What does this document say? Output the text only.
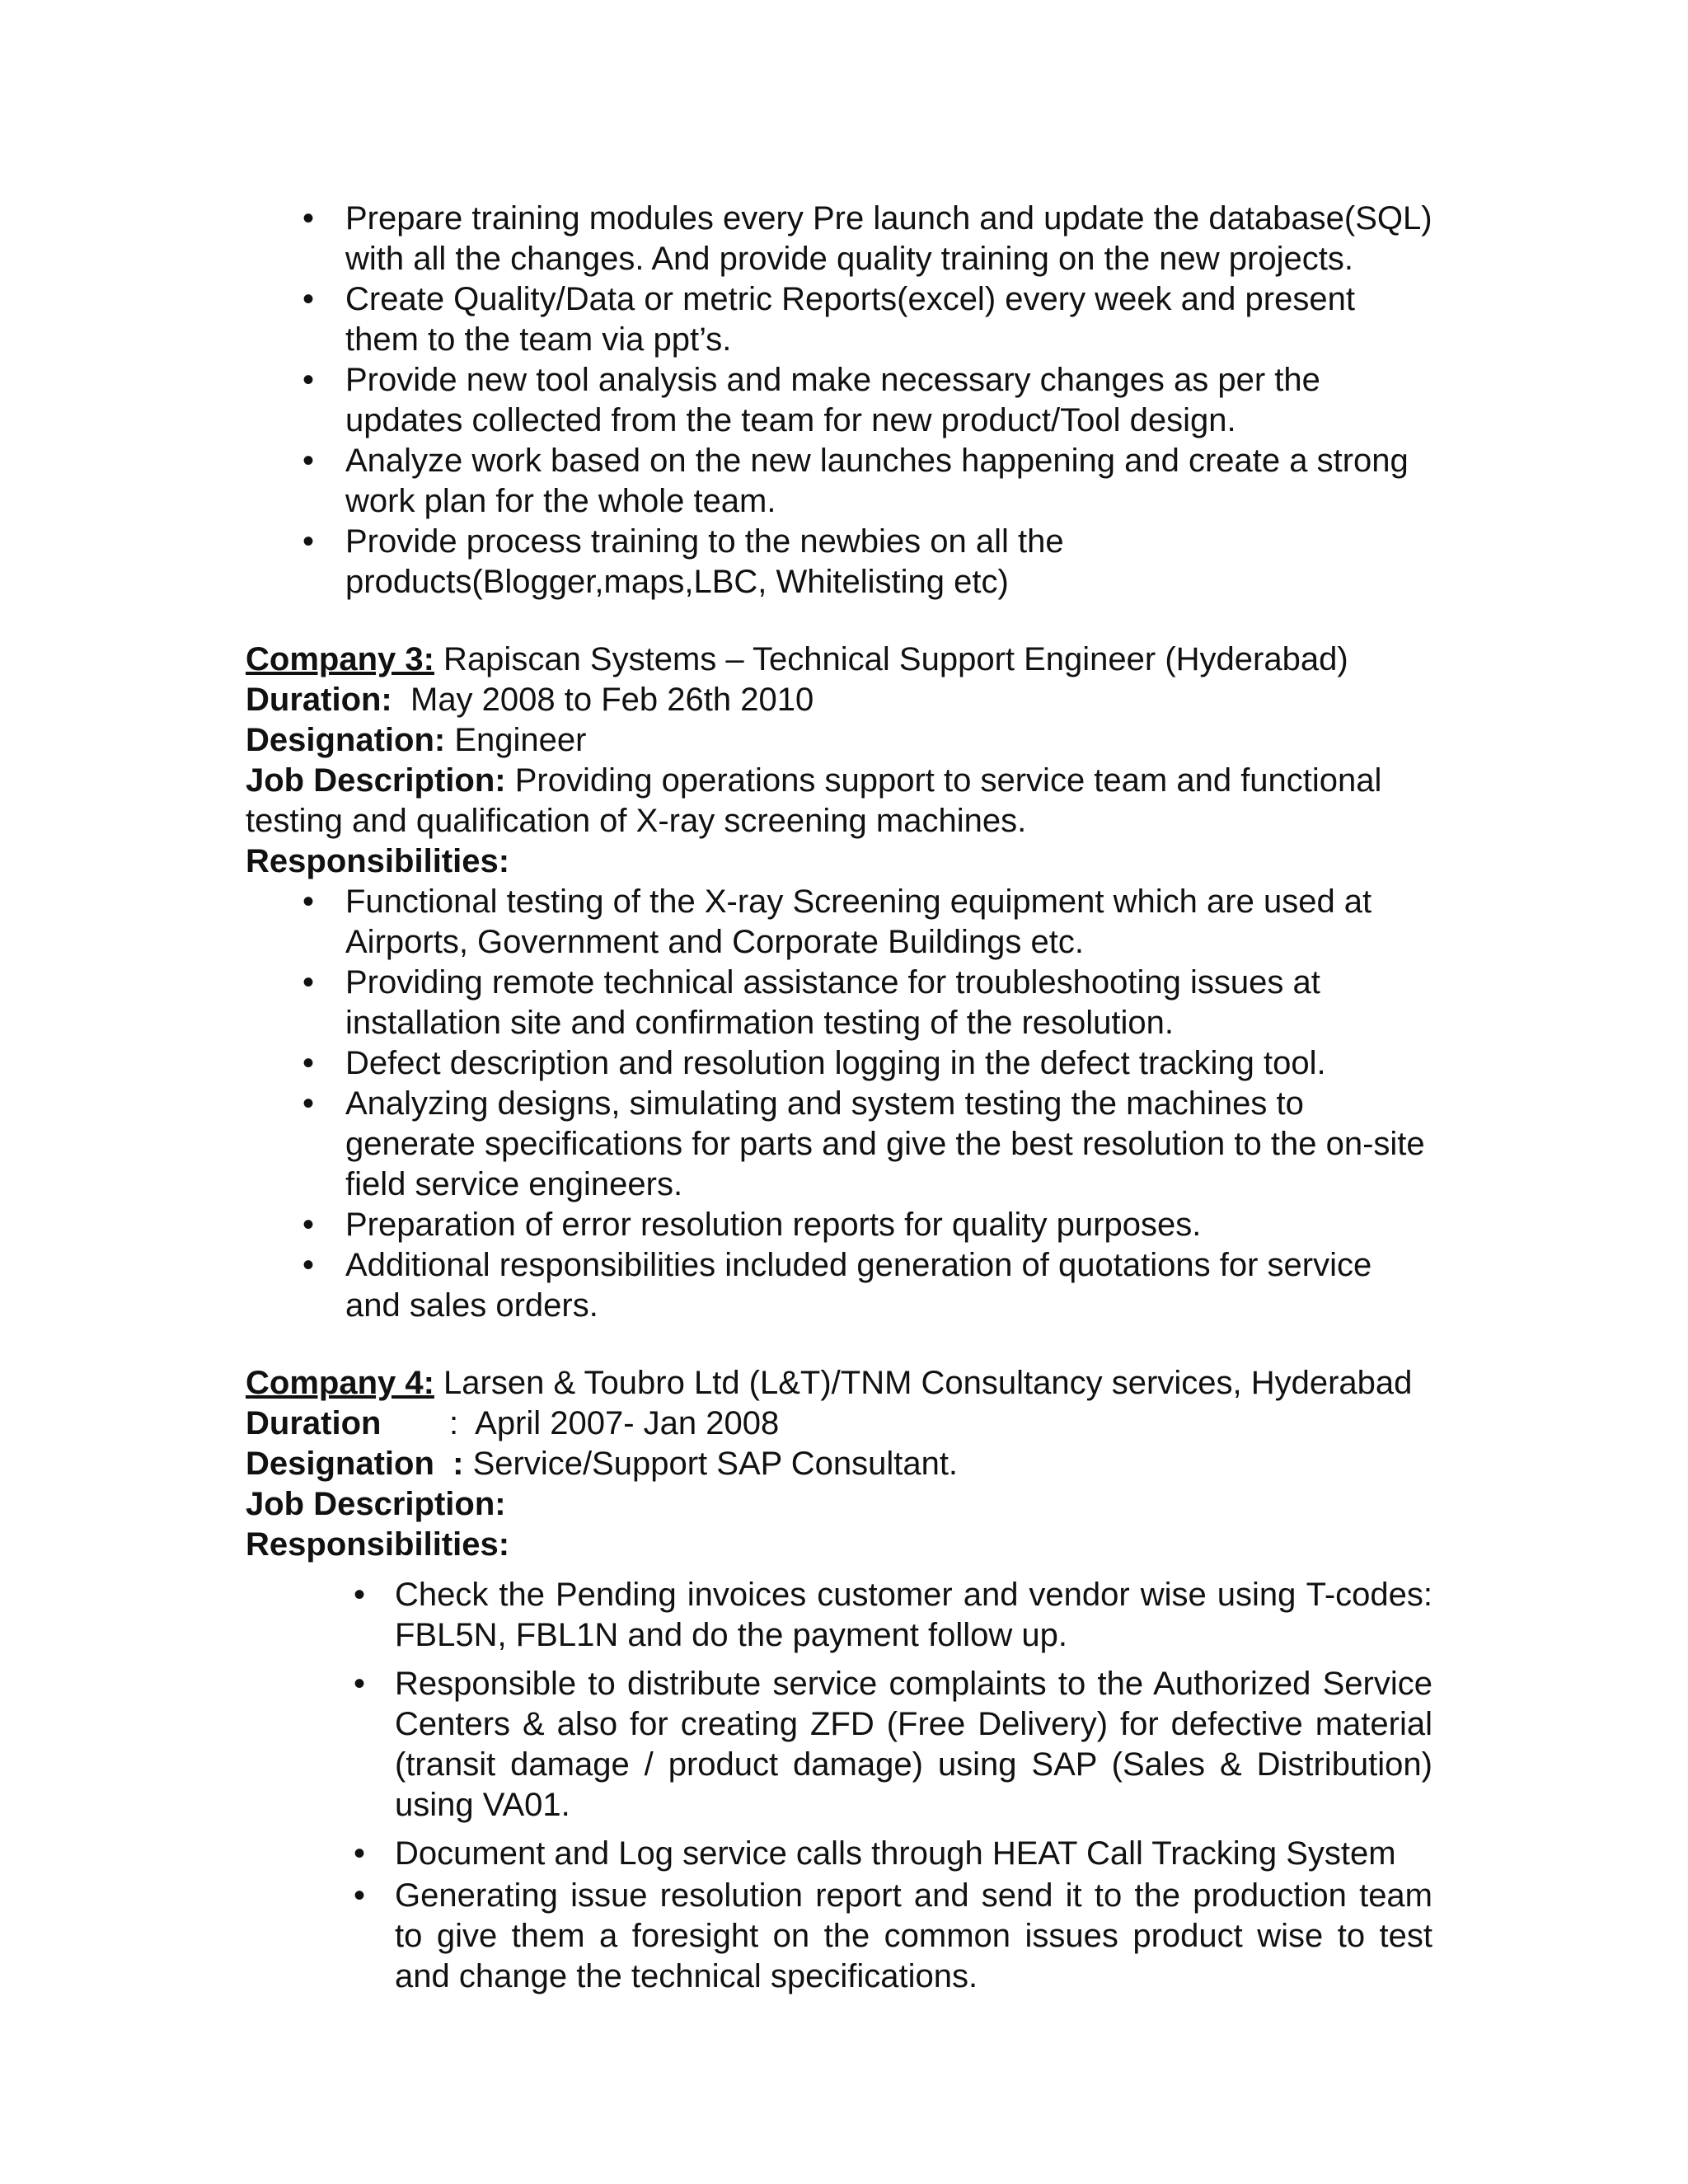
• Prepare training modules every Pre launch and update the database(SQL) with all the changes. And provide quality training on the new projects.
• Create Quality/Data or metric Reports(excel) every week and present them to the team via ppt’s.
• Provide new tool analysis and make necessary changes as per the updates collected from the team for new product/Tool design.
• Analyze work based on the new launches happening and create a strong work plan for the whole team.
• Provide process training to the newbies on all the products(Blogger,maps,LBC, Whitelisting etc)
Company 3: Rapiscan Systems – Technical Support Engineer (Hyderabad)
Duration:  May 2008 to Feb 26th 2010
Designation: Engineer
Job Description: Providing operations support to service team and functional testing and qualification of X-ray screening machines.
Responsibilities:
• Functional testing of the X-ray Screening equipment which are used at Airports, Government and Corporate Buildings etc.
• Providing remote technical assistance for troubleshooting issues at installation site and confirmation testing of the resolution.
• Defect description and resolution logging in the defect tracking tool.
• Analyzing designs, simulating and system testing the machines to generate specifications for parts and give the best resolution to the on-site field service engineers.
• Preparation of error resolution reports for quality purposes.
• Additional responsibilities included generation of quotations for service and sales orders.
Company 4: Larsen & Toubro Ltd (L&T)/TNM Consultancy services, Hyderabad
Duration :  April 2007- Jan 2008
Designation  : Service/Support SAP Consultant.
Job Description:
Responsibilities:
• Check the Pending invoices customer and vendor wise using T-codes: FBL5N, FBL1N and do the payment follow up.
• Responsible to distribute service complaints to the Authorized Service Centers & also for creating ZFD (Free Delivery) for defective material (transit damage / product damage) using SAP (Sales & Distribution) using VA01.
• Document and Log service calls through HEAT Call Tracking System
• Generating issue resolution report and send it to the production team to give them a foresight on the common issues product wise to test and change the technical specifications.
